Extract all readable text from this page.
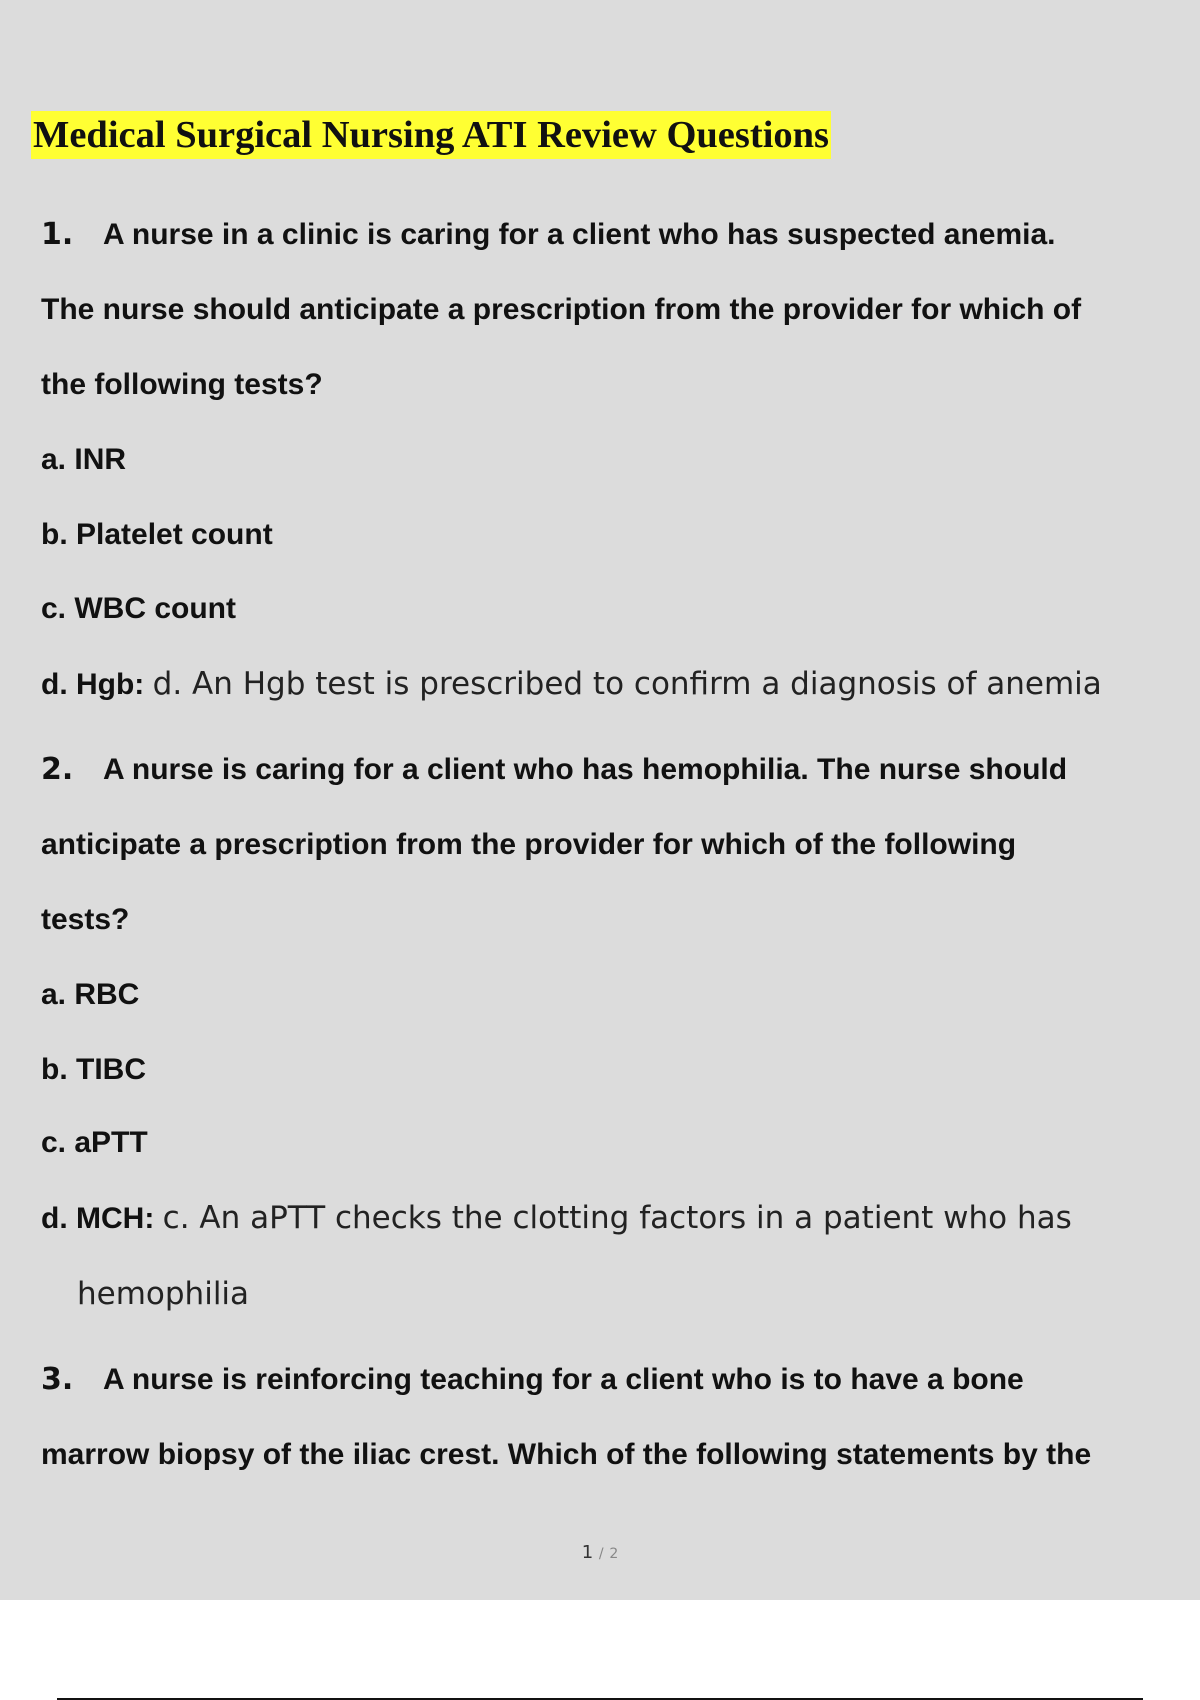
Medical Surgical Nursing ATI Review Questions

1. A nurse in a clinic is caring for a client who has suspected anemia.

The nurse should anticipate a prescription from the provider for which of

the following tests?

a. INR

b. Platelet count

c. WBC count

d. Hgb: d. An Hgb test is prescribed to confirm a diagnosis of anemia

2. A nurse is caring for a client who has hemophilia. The nurse should

anticipate a prescription from the provider for which of the following

tests?

a. RBC

b. TIBC

c. aPTT

d. MCH: c. An aPTT checks the clotting factors in a patient who has

hemophilia

3. A nurse is reinforcing teaching for a client who is to have a bone

marrow biopsy of the iliac crest. Which of the following statements by the

1 / 2
